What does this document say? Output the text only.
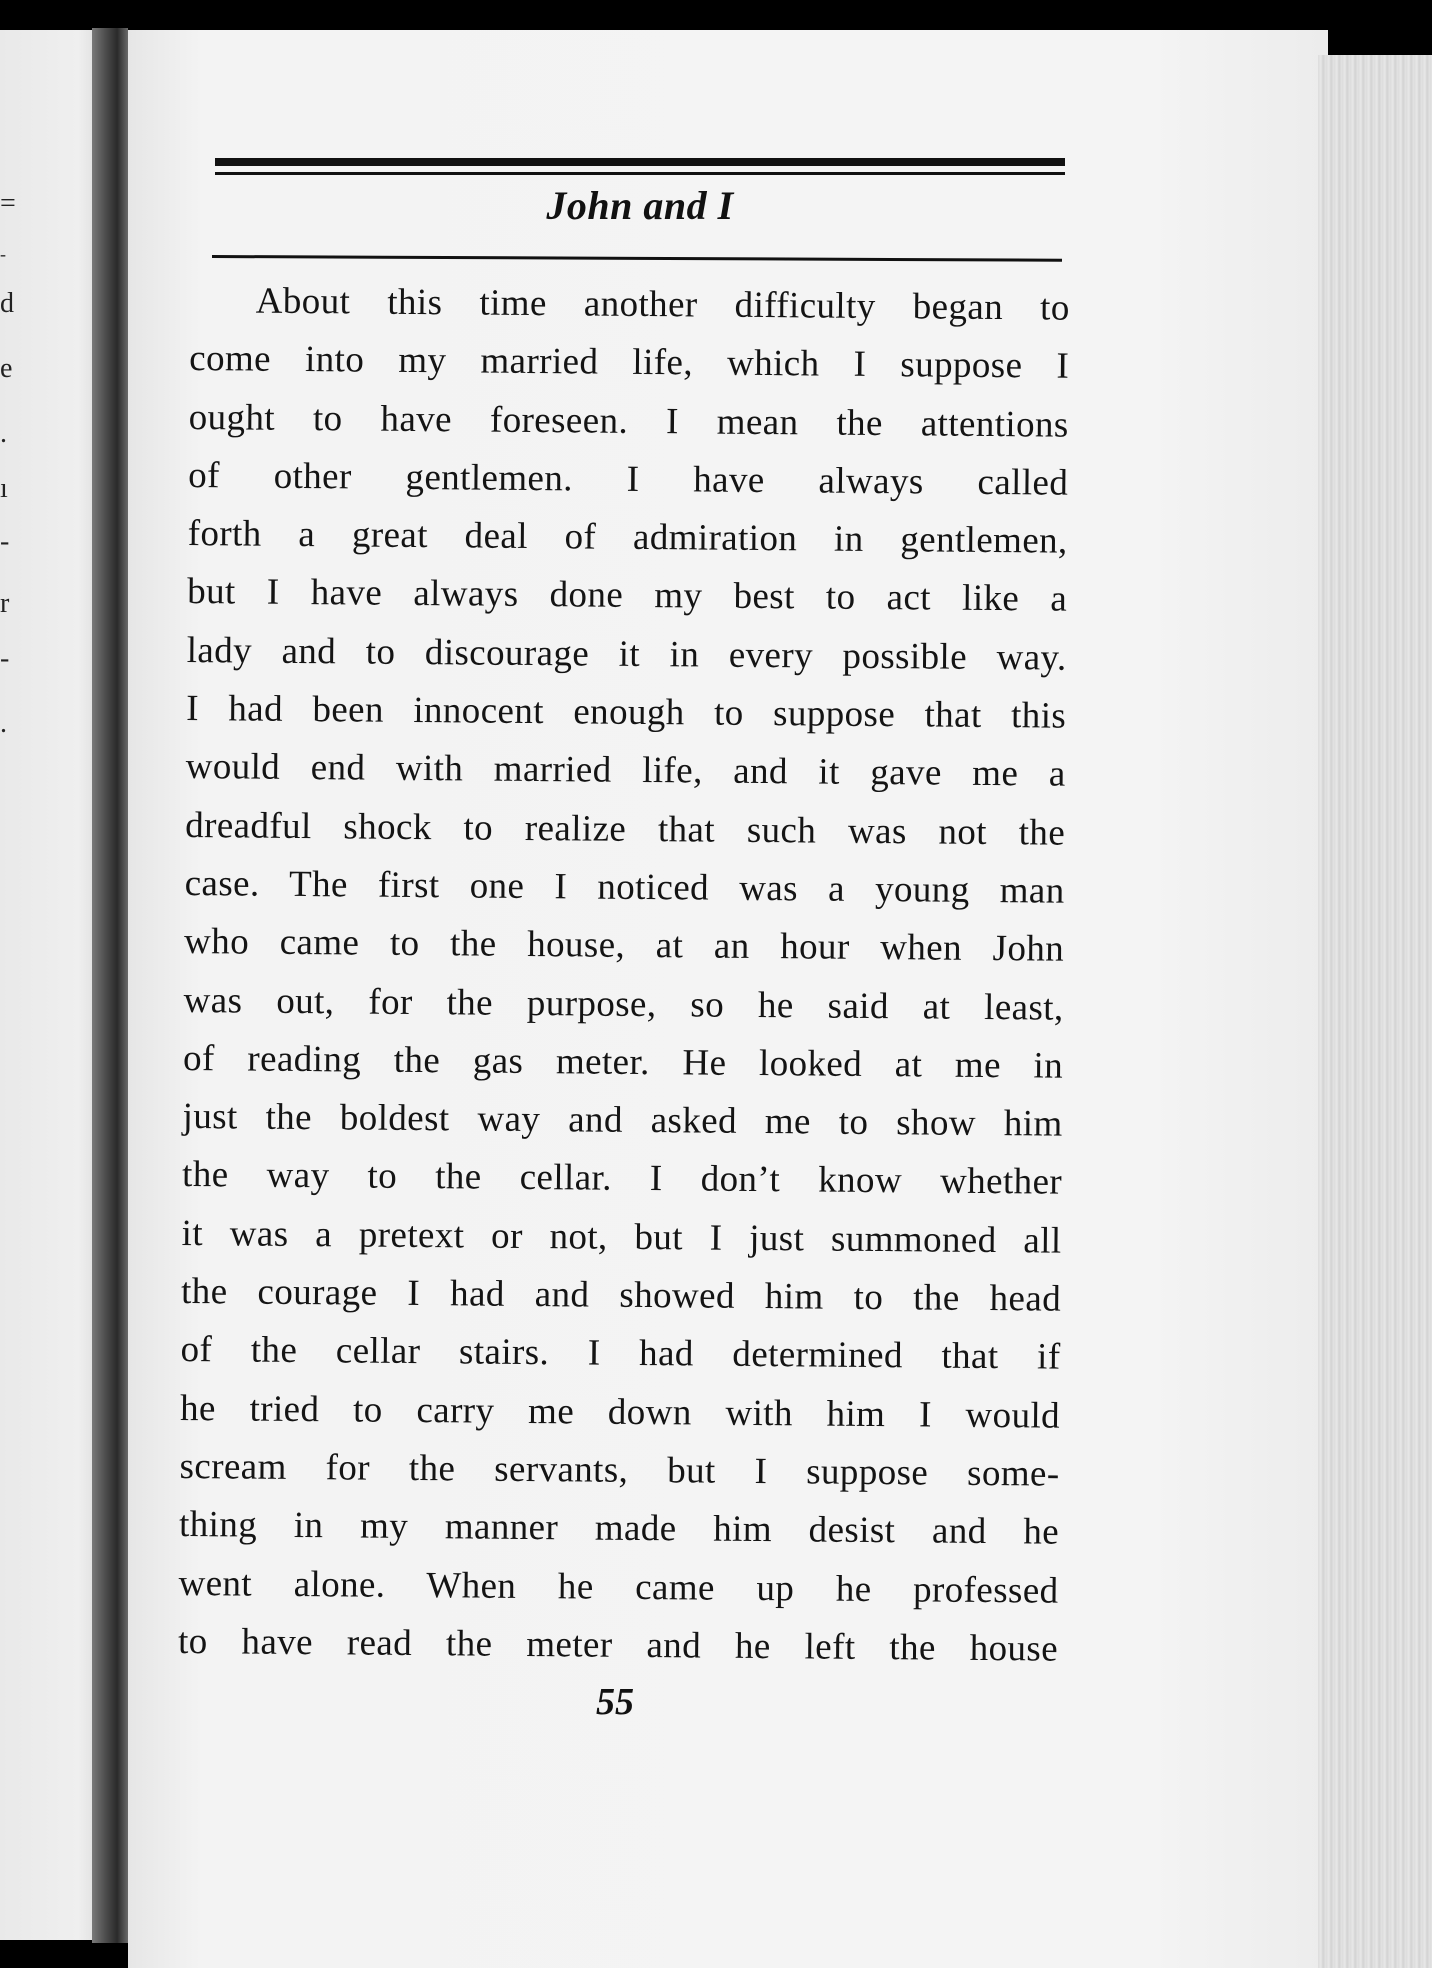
=
-
d
e
.
ı
-
r
-
.
John and I
About this time another difficulty began to
come into my married life, which I suppose I
ought to have foreseen. I mean the attentions
of other gentlemen. I have always called
forth a great deal of admiration in gentlemen,
but I have always done my best to act like a
lady and to discourage it in every possible way.
I had been innocent enough to suppose that this
would end with married life, and it gave me a
dreadful shock to realize that such was not the
case. The first one I noticed was a young man
who came to the house, at an hour when John
was out, for the purpose, so he said at least,
of reading the gas meter. He looked at me in
just the boldest way and asked me to show him
the way to the cellar. I don’t know whether
it was a pretext or not, but I just summoned all
the courage I had and showed him to the head
of the cellar stairs. I had determined that if
he tried to carry me down with him I would
scream for the servants, but I suppose some-
thing in my manner made him desist and he
went alone. When he came up he professed
to have read the meter and he left the house
55
